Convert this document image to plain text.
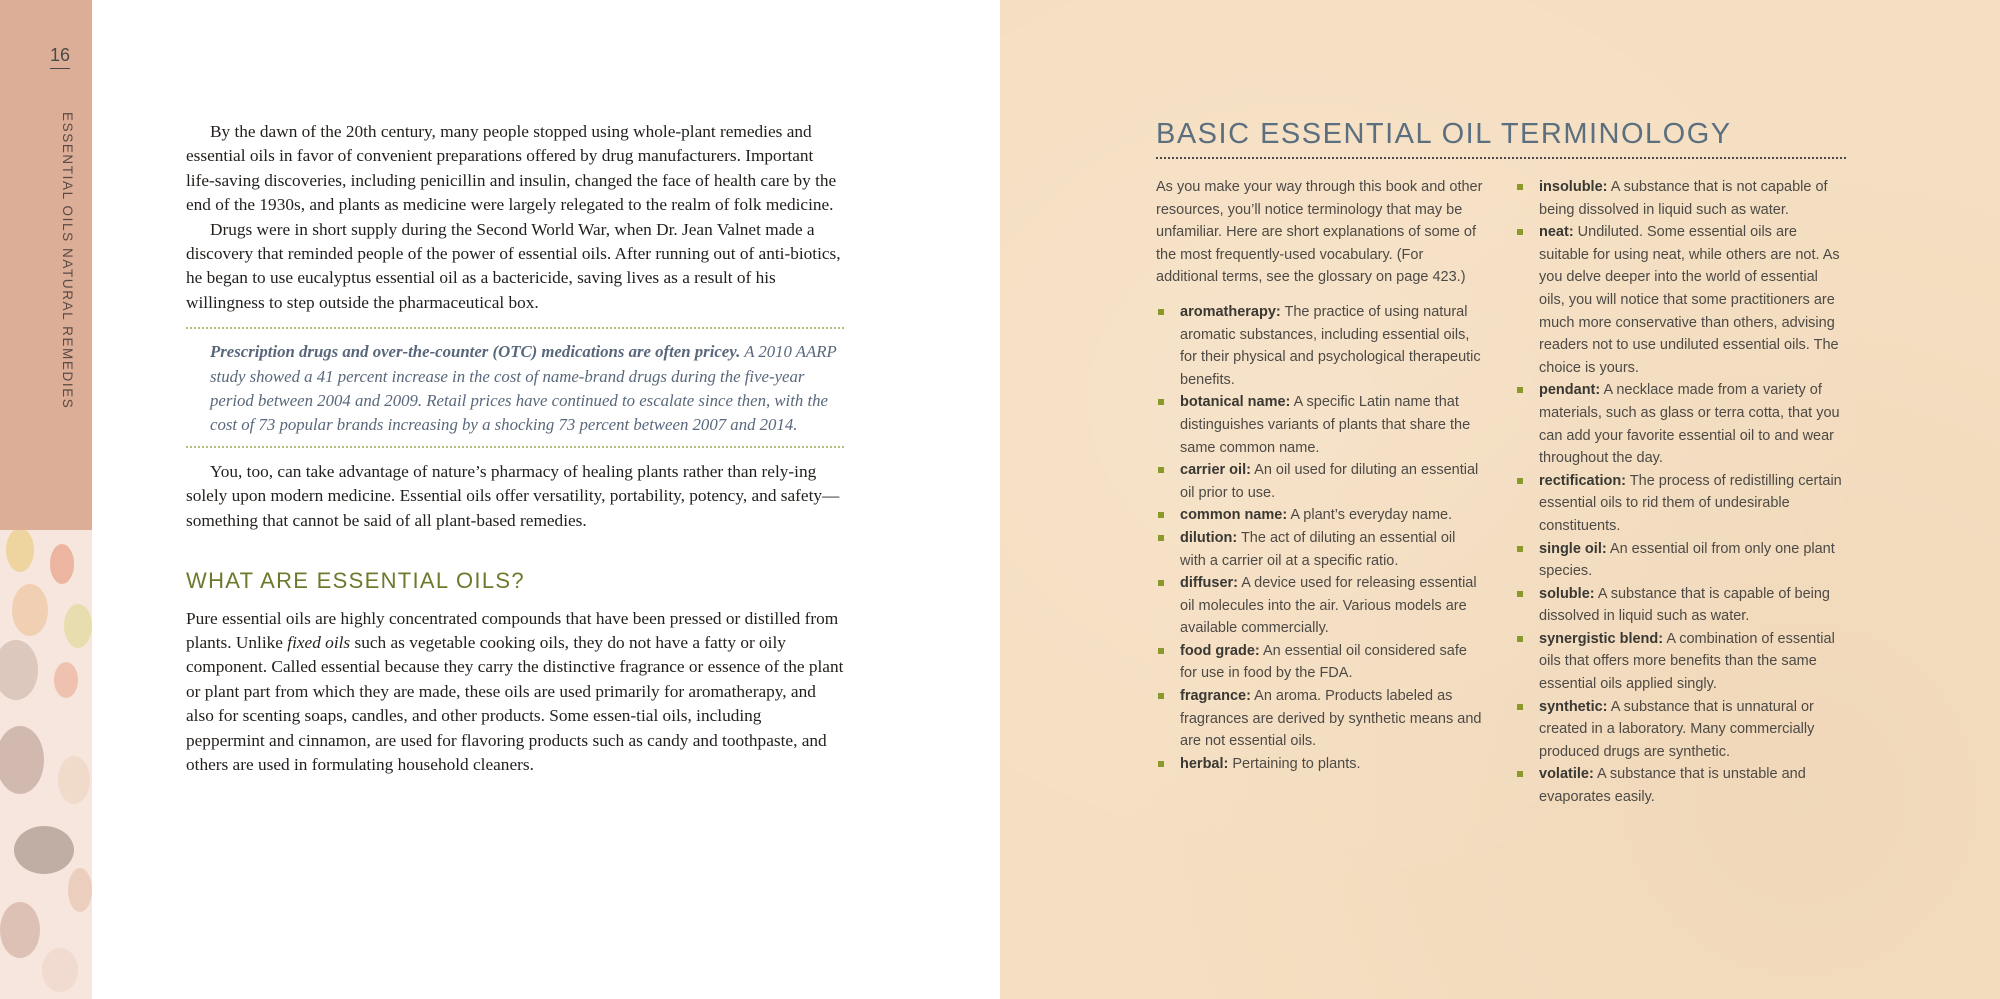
16
ESSENTIAL OILS NATURAL REMEDIES	By the dawn of the 20th century, many people stopped using whole-plant remedies and essential oils in favor of convenient preparations offered by drug manufacturers. Important life-saving discoveries, including penicillin and insulin, changed the face of health care by the end of the 1930s, and plants as medicine were largely relegated to the realm of folk medicine.

Drugs were in short supply during the Second World War, when Dr. Jean Valnet made a discovery that reminded people of the power of essential oils. After running out of anti-biotics, he began to use eucalyptus essential oil as a bactericide, saving lives as a result of his willingness to step outside the pharmaceutical box.

Prescription drugs and over-the-counter (OTC) medications are often pricey. A 2010 AARP study showed a 41 percent increase in the cost of name-brand drugs during the five-year period between 2004 and 2009. Retail prices have continued to escalate since then, with the cost of 73 popular brands increasing by a shocking 73 percent between 2007 and 2014.

You, too, can take advantage of nature’s pharmacy of healing plants rather than rely-ing solely upon modern medicine. Essential oils offer versatility, portability, potency, and safety—something that cannot be said of all plant-based remedies.

WHAT ARE ESSENTIAL OILS?

Pure essential oils are highly concentrated compounds that have been pressed or distilled from plants. Unlike fixed oils such as vegetable cooking oils, they do not have a fatty or oily component. Called essential because they carry the distinctive fragrance or essence of the plant or plant part from which they are made, these oils are used primarily for aromatherapy, and also for scenting soaps, candles, and other products. Some essen-tial oils, including peppermint and cinnamon, are used for flavoring products such as candy and toothpaste, and others are used in formulating household cleaners.

BASIC ESSENTIAL OIL TERMINOLOGY

As you make your way through this book and other resources, you’ll notice terminology that may be unfamiliar. Here are short explanations of some of the most frequently-used vocabulary. (For additional terms, see the glossary on page 423.)

aromatherapy: The practice of using natural aromatic substances, including essential oils, for their physical and psychological therapeutic benefits.
botanical name: A specific Latin name that distinguishes variants of plants that share the same common name.
carrier oil: An oil used for diluting an essential oil prior to use.
common name: A plant’s everyday name.
dilution: The act of diluting an essential oil with a carrier oil at a specific ratio.
diffuser: A device used for releasing essential oil molecules into the air. Various models are available commercially.
food grade: An essential oil considered safe for use in food by the FDA.
fragrance: An aroma. Products labeled as fragrances are derived by synthetic means and are not essential oils.
herbal: Pertaining to plants.
insoluble: A substance that is not capable of being dissolved in liquid such as water.
neat: Undiluted. Some essential oils are suitable for using neat, while others are not. As you delve deeper into the world of essential oils, you will notice that some practitioners are much more conservative than others, advising readers not to use undiluted essential oils. The choice is yours.
pendant: A necklace made from a variety of materials, such as glass or terra cotta, that you can add your favorite essential oil to and wear throughout the day.
rectification: The process of redistilling certain essential oils to rid them of undesirable constituents.
single oil: An essential oil from only one plant species.
soluble: A substance that is capable of being dissolved in liquid such as water.
synergistic blend: A combination of essential oils that offers more benefits than the same essential oils applied singly.
synthetic: A substance that is unnatural or created in a laboratory. Many commercially produced drugs are synthetic.
volatile: A substance that is unstable and evaporates easily.
